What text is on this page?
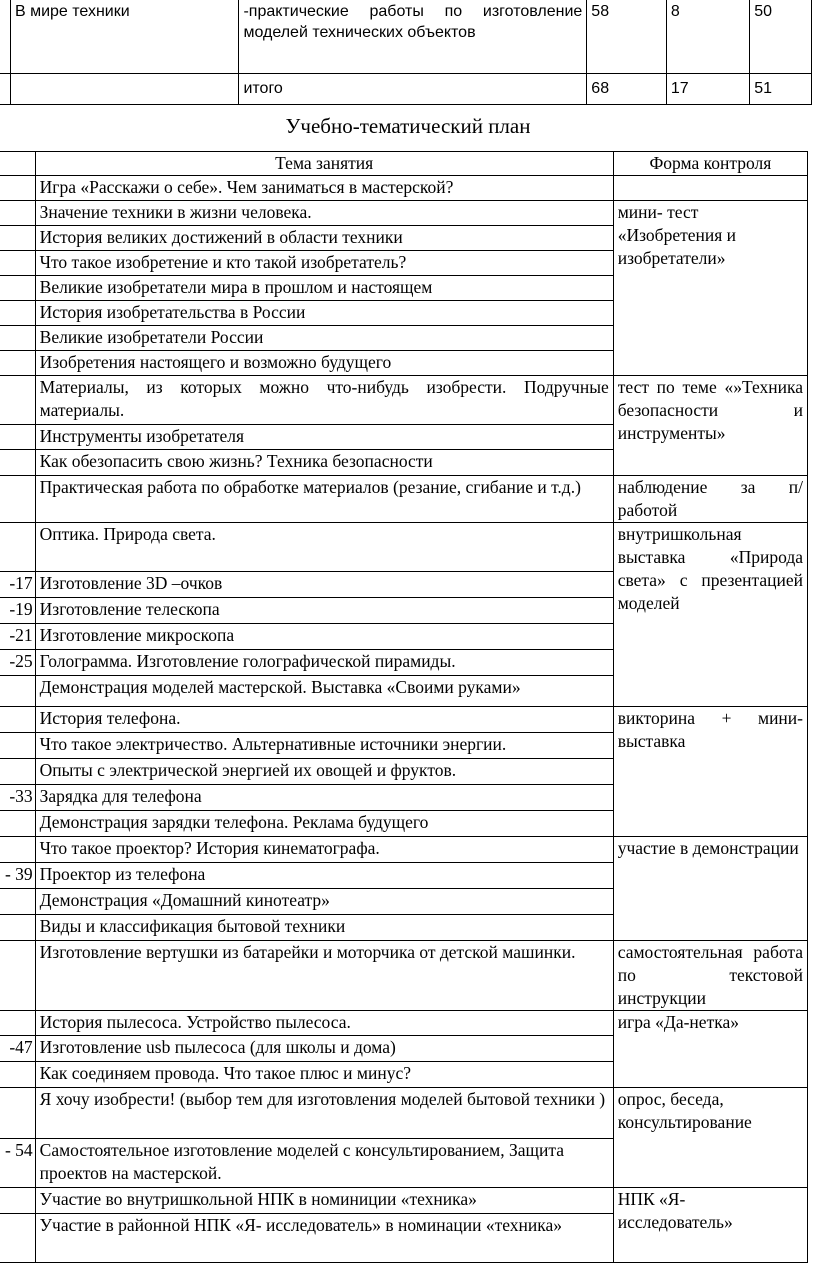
	В мире техники	-практические работы по изготовление моделей технических объектов	58	8	50
		итого	68	17	51
Учебно-тематический план
	Тема занятия	Форма контроля
	Игра «Расскажи о себе». Чем заниматься в мастерской?	
	Значение техники в жизни человека.	мини- тест «Изобретения и изобретатели»
	История великих достижений в области техники	
	Что такое изобретение и кто такой изобретатель?	
	Великие изобретатели мира в прошлом и настоящем	
	История изобретательства в России	
	Великие изобретатели России	
	Изобретения настоящего и возможно будущего	
	Материалы, из которых можно что-нибудь изобрести. Подручные материалы.	тест по теме «»Техника безопасности и инструменты»
	Инструменты изобретателя	
	Как обезопасить свою жизнь? Техника безопасности	
	Практическая работа по обработке материалов (резание, сгибание и т.д.)	наблюдение за п/работой
	Оптика. Природа света.	внутришкольная выставка «Природа света» с презентацией моделей
-17	Изготовление 3D –очков	
-19	Изготовление телескопа	
-21	Изготовление микроскопа	
-25	Голограмма. Изготовление голографической пирамиды.	
	Демонстрация моделей мастерской. Выставка «Своими руками»	
	История телефона.	викторина + мини-выставка
	Что такое электричество. Альтернативные источники энергии.	
	Опыты с электрической энергией их овощей и фруктов.	
-33	Зарядка для телефона	
	Демонстрация зарядки телефона. Реклама будущего	
	Что такое проектор? История кинематографа.	участие в демонстрации
- 39	Проектор из телефона	
	Демонстрация «Домашний кинотеатр»	
	Виды и классификация бытовой техники	
	Изготовление вертушки из батарейки и моторчика от детской машинки.	самостоятельная работа по текстовой инструкции
	История пылесоса. Устройство пылесоса.	игра «Да-нетка»
-47	Изготовление usb пылесоса (для школы и дома)	
	Как соединяем провода. Что такое плюс и минус?	
	Я хочу изобрести! (выбор тем для изготовления моделей бытовой техники )	опрос, беседа, консультирование
- 54	Самостоятельное изготовление моделей с консультированием, Защита проектов на мастерской.	
	Участие во внутришкольной НПК в номиниции «техника»	НПК «Я- исследователь»
	Участие в районной НПК «Я- исследователь» в номинации «техника»	
